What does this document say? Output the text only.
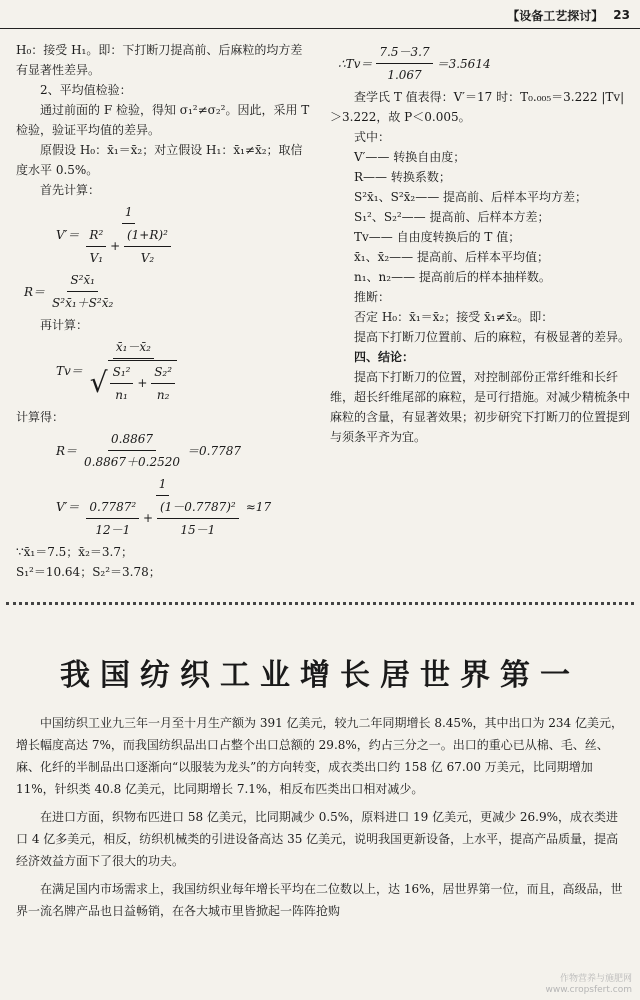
【设备工艺探讨】 23

H₀：接受 H₁。即：下打断刀提高前、后麻粒的均方差有显著性差异。

2、平均值检验：

通过前面的 F 检验，得知 σ₁²≠σ₂²。因此，采用 T 检验，验证平均值的差异。

原假设 H₀：x̄₁＝x̄₂；对立假设 H₁：x̄₁≠x̄₂；取信度水平 0.5%。

首先计算：

V′＝
1
$\frac{\text{R²}}{\text{V₁}} + \frac{\text{(1+R)²}}{\text{V₂}}$
$R= \frac{\text{S²x̄₁}}{\text{S²x̄₁＋S²x̄₂}}$

再计算：

Tv＝
x̄₁－x̄₂
√ $\frac{\text{S₁²}}{\text{n₁}} + \frac{\text{S₂²}}{\text{n₂}}$

计算得：

$R= \frac{0.8867}{0.8867+0.2520} =0.7787$
V′＝
1
$\frac{\text{0.7787²}}{12-1} + \frac{\text{(1－0.7787)²}}{15-1} \approx 17$

∵x̄₁＝7.5；x̄₂＝3.7；

S₁²＝10.64；S₂²＝3.78；

∴Tv＝ $\frac{7.5-3.7}{1.067} =3.5614$

查学氏 T 值表得：V′＝17 时：T₀.₀₀₅＝3.222 |Tv|＞3.222，故 P＜0.005。

式中：

V′—— 转换自由度；

R—— 转换系数；

S²x̄₁、S²x̄₂—— 提高前、后样本平均方差；

S₁²、S₂²—— 提高前、后样本方差；

Tv—— 自由度转换后的 T 值；

x̄₁、x̄₂—— 提高前、后样本平均值；

n₁、n₂—— 提高前后的样本抽样数。

推断：

否定 H₀：x̄₁＝x̄₂；接受 x̄₁≠x̄₂。即：

提高下打断刀位置前、后的麻粒，有极显著的差异。

四、结论：

提高下打断刀的位置，对控制部份正常纤维和长纤维，超长纤维尾部的麻粒，是可行措施。对减少精梳条中麻粒的含量，有显著效果；初步研究下打断刀的位置提到与须条平齐为宜。

我国纺织工业增长居世界第一

中国纺织工业九三年一月至十月生产额为 391 亿美元，较九二年同期增长 8.45%，其中出口为 234 亿美元，增长幅度高达 7%，而我国纺织品出口占整个出口总额的 29.8%，约占三分之一。出口的重心已从棉、毛、丝、麻、化纤的半制品出口逐渐向“以服装为龙头”的方向转变，成衣类出口约 158 亿 67.00 万美元，比同期增加 11%，针织类 40.8 亿美元，比同期增长 7.1%，相反布匹类出口相对减少。

在进口方面，织物布匹进口 58 亿美元，比同期减少 0.5%，原料进口 19 亿美元，更减少 26.9%，成衣类进口 4 亿多美元，相反，纺织机械类的引进设备高达 35 亿美元，说明我国更新设备，上水平，提高产品质量，提高经济效益方面下了很大的功夫。

在满足国内市场需求上，我国纺织业每年增长平均在二位数以上，达 16%，居世界第一位，而且，高级品，世界一流名牌产品也日益畅销，在各大城市里皆掀起一阵阵抢购

作物营养与施肥网
www.cropsfert.com
